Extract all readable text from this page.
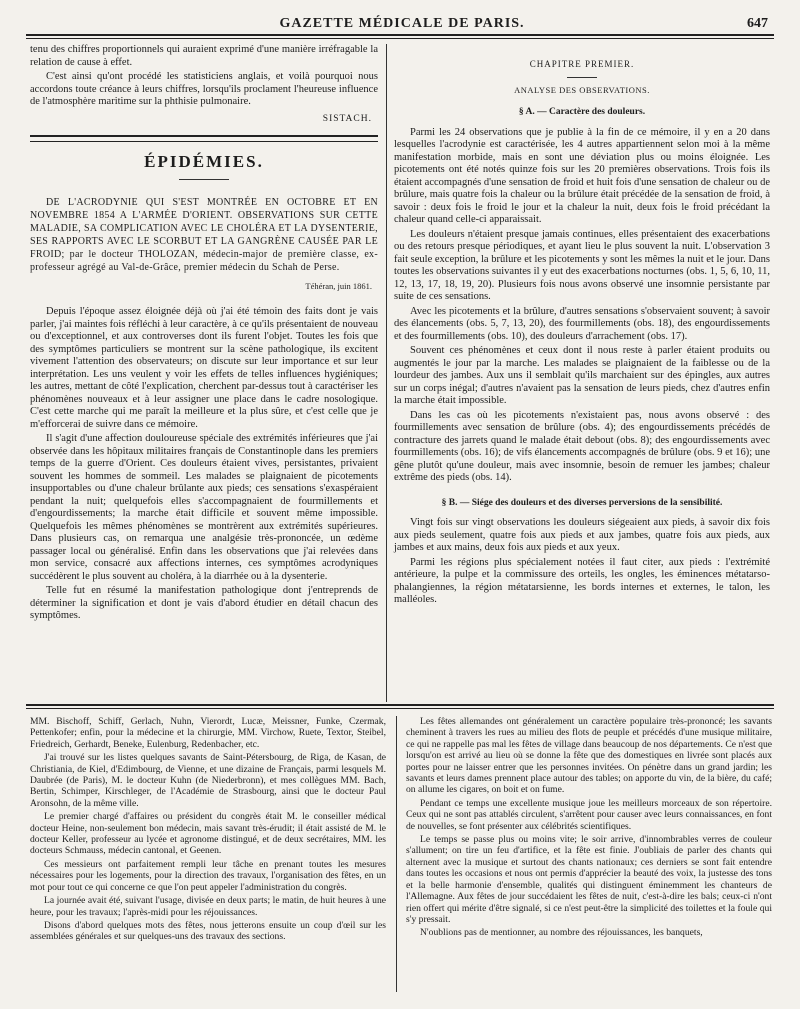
GAZETTE MÉDICALE DE PARIS.	647

tenu des chiffres proportionnels qui auraient exprimé d'une manière irréfragable la relation de cause à effet.

C'est ainsi qu'ont procédé les statisticiens anglais, et voilà pourquoi nous accordons toute créance à leurs chiffres, lorsqu'ils proclament l'heureuse influence de l'atmosphère maritime sur la phthisie pulmonaire.

SISTACH.
ÉPIDÉMIES.

DE L'ACRODYNIE QUI S'EST MONTRÉE EN OCTOBRE ET EN NOVEMBRE 1854 A L'ARMÉE D'ORIENT. OBSERVATIONS SUR CETTE MALADIE, SA COMPLICATION AVEC LE CHOLÉRA ET LA DYSENTERIE, SES RAPPORTS AVEC LE SCORBUT ET LA GANGRÈNE CAUSÉE PAR LE FROID; par le docteur THOLOZAN, médecin-major de première classe, ex-professeur agrégé au Val-de-Grâce, premier médecin du Schah de Perse.

Téhéran, juin 1861.

Depuis l'époque assez éloignée déjà où j'ai été témoin des faits dont je vais parler, j'ai maintes fois réfléchi à leur caractère, à ce qu'ils présentaient de nouveau ou d'exceptionnel, et aux controverses dont ils furent l'objet. Toutes les fois que des symptômes particuliers se montrent sur la scène pathologique, ils excitent vivement l'attention des observateurs; on discute sur leur importance et sur leur interprétation. Les uns veulent y voir les effets de telles influences hygiéniques; les autres, mettant de côté l'explication, cherchent par-dessus tout à caractériser les phénomènes nouveaux et à leur assigner une place dans le cadre nosologique. C'est cette marche qui me paraît la meilleure et la plus sûre, et c'est celle que je m'efforcerai de suivre dans ce mémoire.

Il s'agit d'une affection douloureuse spéciale des extrémités inférieures que j'ai observée dans les hôpitaux militaires français de Constantinople dans les premiers temps de la guerre d'Orient. Ces douleurs étaient vives, persistantes, privaient souvent les hommes de sommeil. Les malades se plaignaient de picotements insupportables ou d'une chaleur brûlante aux pieds; ces sensations s'exaspéraient pendant la nuit; quelquefois elles s'accompagnaient de fourmillements et d'engourdissements; la marche était difficile et souvent même impossible. Quelquefois les mêmes phénomènes se montrèrent aux extrémités supérieures. Dans plusieurs cas, on remarqua une analgésie très-prononcée, un œdème passager local ou généralisé. Enfin dans les observations que j'ai relevées dans mon service, consacré aux affections internes, ces symptômes acrodyniques succédèrent le plus souvent au choléra, à la diarrhée ou à la dysenterie.

Telle fut en résumé la manifestation pathologique dont j'entreprends de déterminer la signification et dont je vais d'abord étudier en détail chacun des symptômes.

CHAPITRE PREMIER.
ANALYSE DES OBSERVATIONS.
§ A. — Caractère des douleurs.

Parmi les 24 observations que je publie à la fin de ce mémoire, il y en a 20 dans lesquelles l'acrodynie est caractérisée, les 4 autres appartiennent selon moi à la même manifestation morbide, mais en sont une déviation plus ou moins éloignée. Les picotements ont été notés quinze fois sur les 20 premières observations. Trois fois ils étaient accompagnés d'une sensation de froid et huit fois d'une sensation de chaleur ou de brûlure, mais quatre fois la chaleur ou la brûlure était précédée de la sensation de froid, à savoir : deux fois le froid le jour et la chaleur la nuit, deux fois le froid précédant la chaleur quand celle-ci apparaissait.

Les douleurs n'étaient presque jamais continues, elles présentaient des exacerbations ou des retours presque périodiques, et ayant lieu le plus souvent la nuit. L'observation 3 fait seule exception, la brûlure et les picotements y sont les mêmes la nuit et le jour. Dans toutes les observations suivantes il y eut des exacerbations nocturnes (obs. 1, 5, 6, 10, 11, 12, 13, 17, 18, 19, 20). Plusieurs fois nous avons observé une insomnie persistante par suite de ces sensations.

Avec les picotements et la brûlure, d'autres sensations s'observaient souvent; à savoir des élancements (obs. 5, 7, 13, 20), des fourmillements (obs. 18), des engourdissements et des fourmillements (obs. 10), des douleurs d'arrachement (obs. 17).

Souvent ces phénomènes et ceux dont il nous reste à parler étaient produits ou augmentés le jour par la marche. Les malades se plaignaient de la faiblesse ou de la lourdeur des jambes. Aux uns il semblait qu'ils marchaient sur des épingles, aux autres sur un corps inégal; d'autres n'avaient pas la sensation de leurs pieds, chez d'autres enfin la marche était impossible.

Dans les cas où les picotements n'existaient pas, nous avons observé : des fourmillements avec sensation de brûlure (obs. 4); des engourdissements précédés de contracture des jarrets quand le malade était debout (obs. 8); des engourdissements avec fourmillements (obs. 16); de vifs élancements accompagnés de brûlure (obs. 9 et 16); une gêne plutôt qu'une douleur, mais avec insomnie, besoin de remuer les jambes; chaleur extrême des pieds (obs. 14).

§ B. — Siége des douleurs et des diverses perversions de la sensibilité.

Vingt fois sur vingt observations les douleurs siégeaient aux pieds, à savoir dix fois aux pieds seulement, quatre fois aux pieds et aux jambes, quatre fois aux pieds, aux jambes et aux mains, deux fois aux pieds et aux yeux.

Parmi les régions plus spécialement notées il faut citer, aux pieds : l'extrémité antérieure, la pulpe et la commissure des orteils, les ongles, les éminences métatarso-phalangiennes, la région métatarsienne, les bords internes et externes, le talon, les malléoles.

MM. Bischoff, Schiff, Gerlach, Nuhn, Vierordt, Lucæ, Meissner, Funke, Czermak, Pettenkofer; enfin, pour la médecine et la chirurgie, MM. Virchow, Ruete, Textor, Steibel, Friedreich, Gerhardt, Beneke, Eulenburg, Redenbacher, etc.

J'ai trouvé sur les listes quelques savants de Saint-Pétersbourg, de Riga, de Kasan, de Christiania, de Kiel, d'Edimbourg, de Vienne, et une dizaine de Français, parmi lesquels M. Daubrée (de Paris), M. le docteur Kuhn (de Niederbronn), et mes collègues MM. Bach, Bertin, Schimper, Kirschleger, de l'Académie de Strasbourg, ainsi que le docteur Paul Aronsohn, de la même ville.

Le premier chargé d'affaires ou président du congrès était M. le conseiller médical docteur Heine, non-seulement bon médecin, mais savant très-érudit; il était assisté de M. le docteur Keller, professeur au lycée et agronome distingué, et de deux secrétaires, MM. les docteurs Schmauss, médecin cantonal, et Geenen.

Ces messieurs ont parfaitement rempli leur tâche en prenant toutes les mesures nécessaires pour les logements, pour la direction des travaux, l'organisation des fêtes, en un mot pour tout ce qui concerne ce que l'on peut appeler l'administration du congrès.

La journée avait été, suivant l'usage, divisée en deux parts; le matin, de huit heures à une heure, pour les travaux; l'après-midi pour les réjouissances.

Disons d'abord quelques mots des fêtes, nous jetterons ensuite un coup d'œil sur les assemblées générales et sur quelques-uns des travaux des sections.

Les fêtes allemandes ont généralement un caractère populaire très-prononcé; les savants cheminent à travers les rues au milieu des flots de peuple et précédés d'une musique militaire, ce qui ne rappelle pas mal les fêtes de village dans beaucoup de nos départements. Ce n'est que lorsqu'on est arrivé au lieu où se donne la fête que des domestiques en livrée sont placés aux portes pour ne laisser entrer que les personnes invitées. On pénètre dans un grand jardin; les savants et leurs dames prennent place autour des tables; on apporte du vin, de la bière, du café; on allume les cigares, on boit et on fume.

Pendant ce temps une excellente musique joue les meilleurs morceaux de son répertoire. Ceux qui ne sont pas attablés circulent, s'arrêtent pour causer avec leurs connaissances, en font de nouvelles, se font présenter aux célébrités scientifiques.

Le temps se passe plus ou moins vite; le soir arrive, d'innombrables verres de couleur s'allument; on tire un feu d'artifice, et la fête est finie. J'oubliais de parler des chants qui alternent avec la musique et surtout des chants nationaux; ces derniers se sont fait entendre dans toutes les occasions et nous ont permis d'apprécier la beauté des voix, la justesse des tons et la belle harmonie d'ensemble, qualités qui distinguent éminemment les chanteurs de l'Allemagne. Aux fêtes de jour succédaient les fêtes de nuit, c'est-à-dire les bals; ceux-ci n'ont rien offert qui mérite d'être signalé, si ce n'est peut-être la simplicité des toilettes et la foule qui s'y pressait.

N'oublions pas de mentionner, au nombre des réjouissances, les banquets,
